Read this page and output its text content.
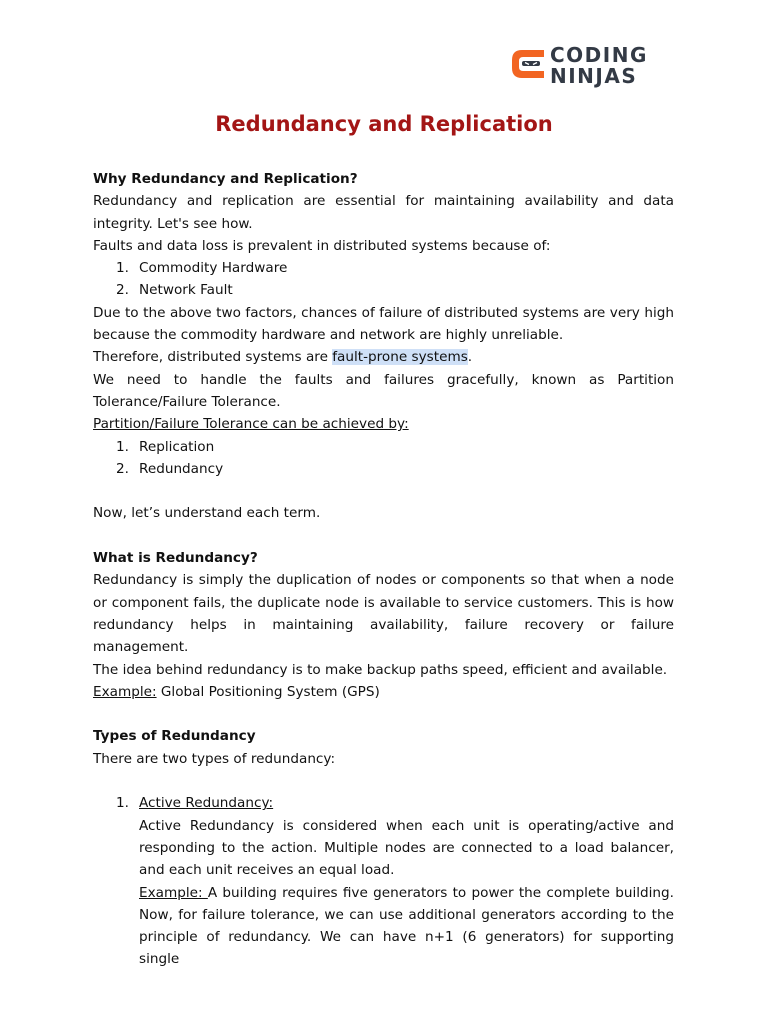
CODING
NINJAS
Redundancy and Replication

Why Redundancy and Replication?

Redundancy and replication are essential for maintaining availability and data

integrity. Let's see how.

Faults and data loss is prevalent in distributed systems because of:

1. Commodity Hardware
2. Network Fault

Due to the above two factors, chances of failure of distributed systems are very high

because the commodity hardware and network are highly unreliable.

Therefore, distributed systems are fault-prone systems.

We need to handle the faults and failures gracefully, known as Partition

Tolerance/Failure Tolerance.

Partition/Failure Tolerance can be achieved by:

1. Replication
2. Redundancy

Now, let’s understand each term.

What is Redundancy?

Redundancy is simply the duplication of nodes or components so that when a node

or component fails, the duplicate node is available to service customers. This is how

redundancy helps in maintaining availability, failure recovery or failure management.

The idea behind redundancy is to make backup paths speed, efficient and available.

Example: Global Positioning System (GPS)

Types of Redundancy

There are two types of redundancy:

1. Active Redundancy:

Active Redundancy is considered when each unit is operating/active and

responding to the action. Multiple nodes are connected to a load balancer,

and each unit receives an equal load.

Example: A building requires five generators to power the complete building.

Now, for failure tolerance, we can use additional generators according to the

principle of redundancy. We can have n+1 (6 generators) for supporting single
